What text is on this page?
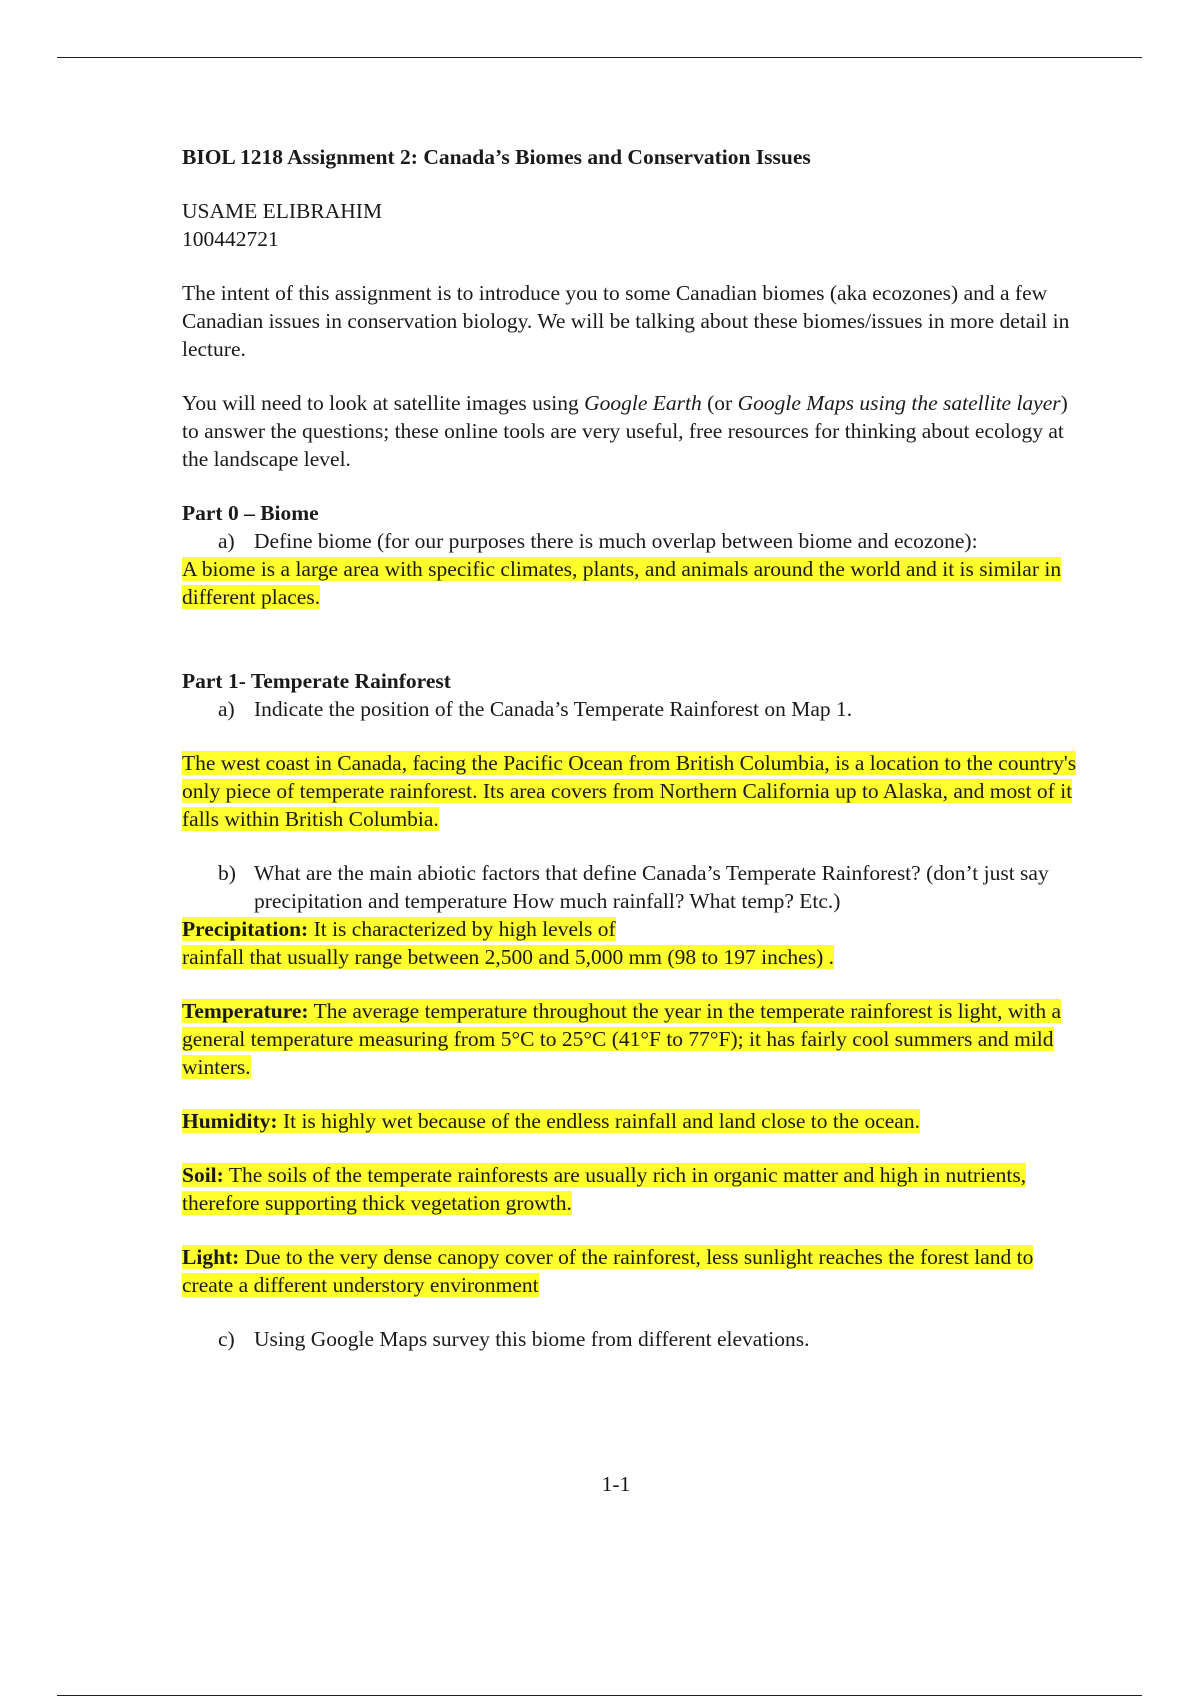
BIOL 1218 Assignment 2: Canada’s Biomes and Conservation Issues

USAME ELIBRAHIM

100442721

The intent of this assignment is to introduce you to some Canadian biomes (aka ecozones) and a few Canadian issues in conservation biology. We will be talking about these biomes/issues in more detail in lecture.

You will need to look at satellite images using Google Earth (or Google Maps using the satellite layer) to answer the questions; these online tools are very useful, free resources for thinking about ecology at the landscape level.

Part 0 – Biome

a) Define biome (for our purposes there is much overlap between biome and ecozone):

A biome is a large area with specific climates, plants, and animals around the world and it is similar in different places.

Part 1- Temperate Rainforest

a) Indicate the position of the Canada’s Temperate Rainforest on Map 1.

The west coast in Canada, facing the Pacific Ocean from British Columbia, is a location to the country's only piece of temperate rainforest. Its area covers from Northern California up to Alaska, and most of it falls within British Columbia.

b) What are the main abiotic factors that define Canada’s Temperate Rainforest? (don’t just say precipitation and temperature How much rainfall? What temp? Etc.)

Precipitation: It is characterized by high levels of
rainfall that usually range between 2,500 and 5,000 mm (98 to 197 inches) .

Temperature: The average temperature throughout the year in the temperate rainforest is light, with a general temperature measuring from 5°C to 25°C (41°F to 77°F); it has fairly cool summers and mild winters.

Humidity: It is highly wet because of the endless rainfall and land close to the ocean.

Soil: The soils of the temperate rainforests are usually rich in organic matter and high in nutrients, therefore supporting thick vegetation growth.

Light: Due to the very dense canopy cover of the rainforest, less sunlight reaches the forest land to create a different understory environment

c) Using Google Maps survey this biome from different elevations.

1-1
